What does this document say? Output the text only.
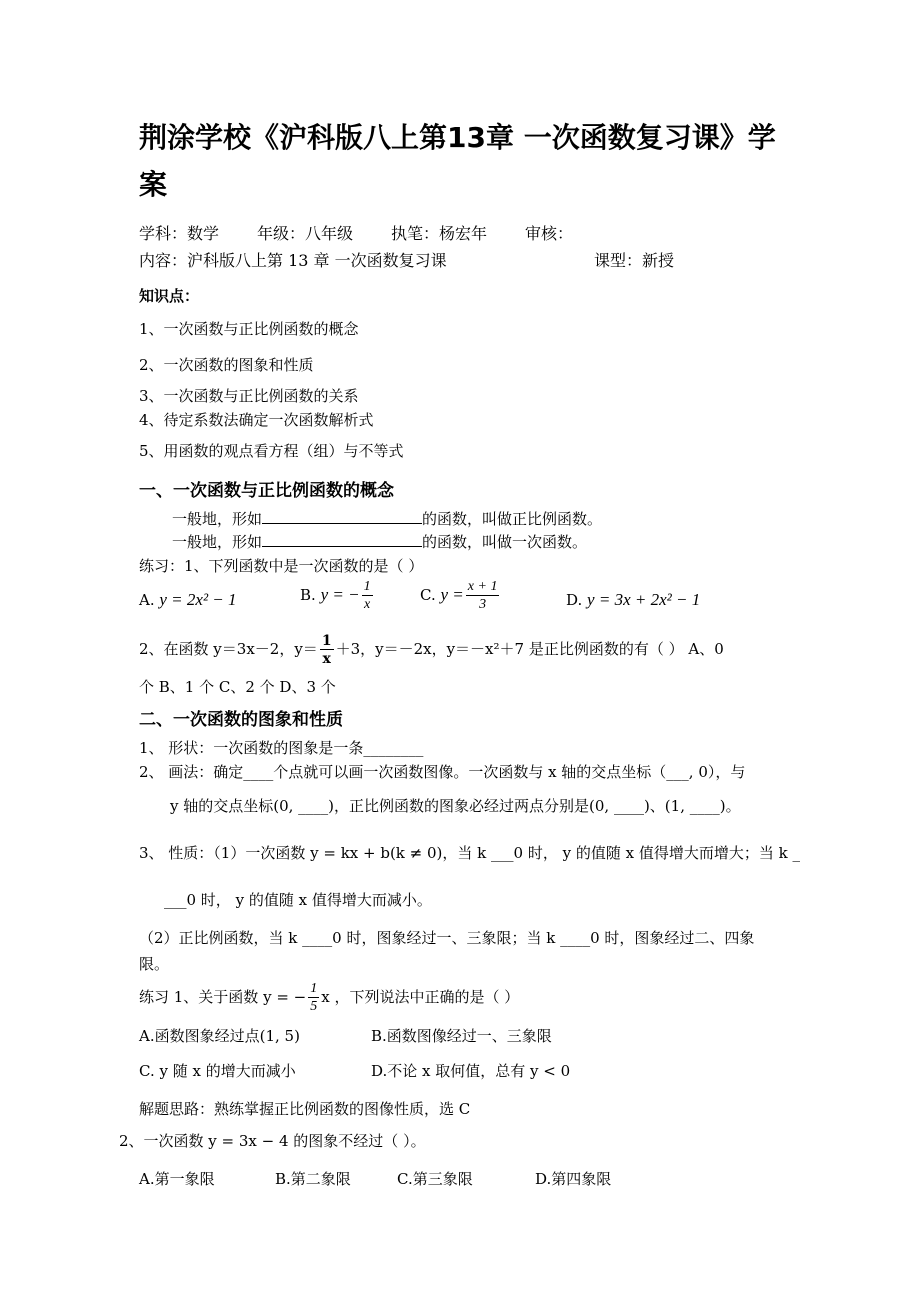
荆涂学校《沪科版八上第13章 一次函数复习课》学
案
学科：数学 年级：八年级 执笔：杨宏年 审核：
内容：沪科版八上第 13 章 一次函数复习课	课型：新授
知识点：
1、一次函数与正比例函数的概念
2、一次函数的图象和性质
3、一次函数与正比例函数的关系
4、待定系数法确定一次函数解析式
5、用函数的观点看方程（组）与不等式
一、一次函数与正比例函数的概念
一般地，形如	的函数，叫做正比例函数。
一般地，形如	的函数，叫做一次函数。
练习：1、下列函数中是一次函数的是（ ）
A. y = 2x² − 1	B. y = − $\frac{1}{x}$	C. $y = \frac{x + 1}{3}$	D. y = 3x + 2x² − 1
2、在函数 y＝3x－2，$y= \frac{1}{x} +3$，y＝－2x，y＝－x²＋7 是正比例函数的有（ ） A、0
个 B、1 个 C、2 个 D、3 个
二、一次函数的图象和性质
1、 形状：一次函数的图象是一条________
2、 画法：确定____个点就可以画一次函数图像。一次函数与 x 轴的交点坐标（___, 0），与
y 轴的交点坐标(0, ____)，正比例函数的图象必经过两点分别是(0, ____)、(1, ____)。
3、 性质：（1）一次函数 y = kx + b(k ≠ 0)，当 k ___0 时， y 的值随 x 值得增大而增大；当 k _
___0 时， y 的值随 x 值得增大而减小。
（2）正比例函数，当 k ____0 时，图象经过一、三象限；当 k ____0 时，图象经过二、四象
限。
练习 1、关于函数 y = − $\frac{1}{5}$ x ，下列说法中正确的是（ ）
A.函数图象经过点(1, 5)	B.函数图像经过一、三象限
C. y 随 x 的增大而减小	D.不论 x 取何值，总有 y < 0
解题思路：熟练掌握正比例函数的图像性质，选 C
2、一次函数 y = 3x − 4 的图象不经过（ ）。
A.第一象限	B.第二象限	C.第三象限	D.第四象限
